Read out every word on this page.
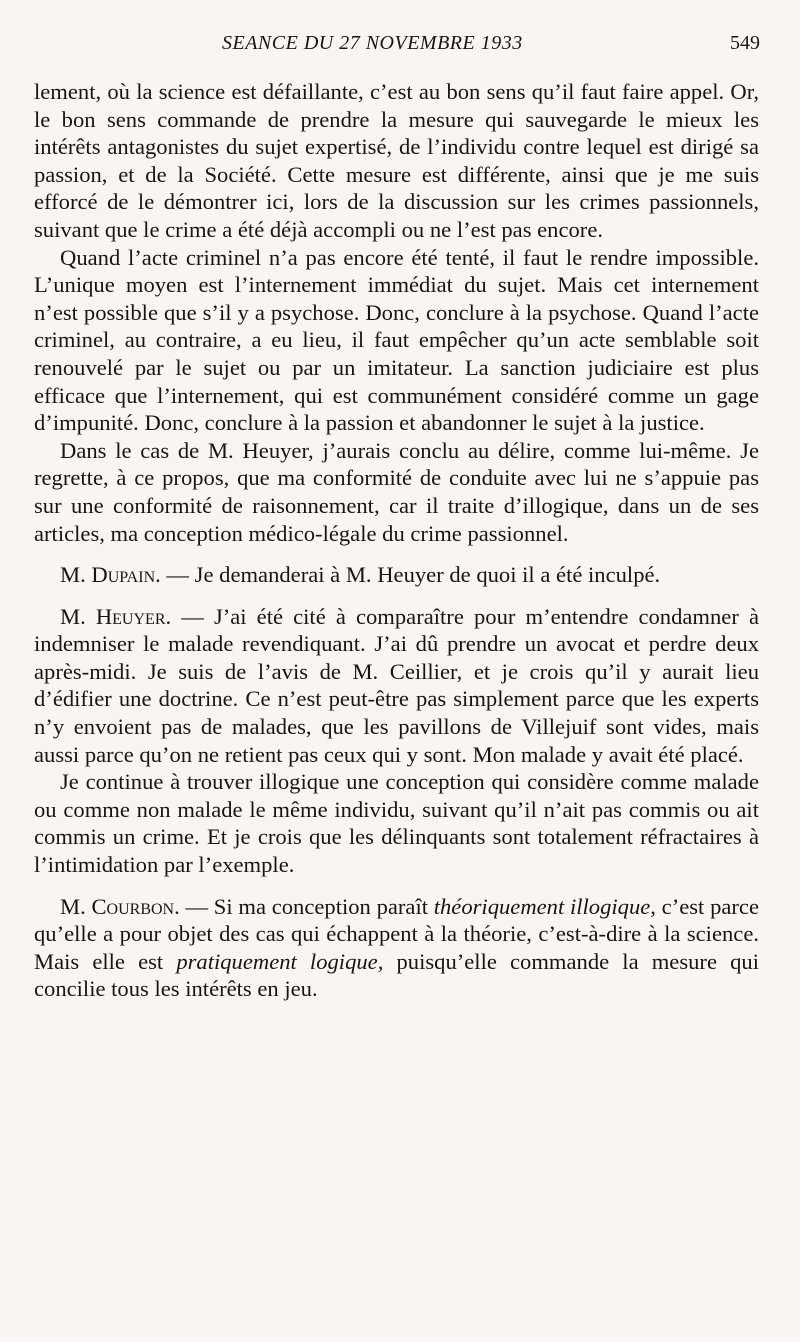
SEANCE DU 27 NOVEMBRE 1933	549

lement, où la science est défaillante, c’est au bon sens qu’il faut faire appel. Or, le bon sens commande de prendre la mesure qui sauvegarde le mieux les intérêts antagonistes du sujet expertisé, de l’individu contre lequel est dirigé sa passion, et de la Société. Cette mesure est différente, ainsi que je me suis efforcé de le démontrer ici, lors de la discussion sur les crimes passionnels, suivant que le crime a été déjà accompli ou ne l’est pas encore.

Quand l’acte criminel n’a pas encore été tenté, il faut le rendre impossible. L’unique moyen est l’internement immédiat du sujet. Mais cet internement n’est possible que s’il y a psychose. Donc, conclure à la psychose. Quand l’acte criminel, au contraire, a eu lieu, il faut empêcher qu’un acte semblable soit renouvelé par le sujet ou par un imitateur. La sanction judiciaire est plus efficace que l’internement, qui est communément considéré comme un gage d’impunité. Donc, conclure à la passion et abandonner le sujet à la justice.

Dans le cas de M. Heuyer, j’aurais conclu au délire, comme lui-même. Je regrette, à ce propos, que ma conformité de conduite avec lui ne s’appuie pas sur une conformité de raisonnement, car il traite d’illogique, dans un de ses articles, ma conception médico-légale du crime passionnel.

M. Dupain. — Je demanderai à M. Heuyer de quoi il a été inculpé.

M. Heuyer. — J’ai été cité à comparaître pour m’entendre condamner à indemniser le malade revendiquant. J’ai dû prendre un avocat et perdre deux après-midi. Je suis de l’avis de M. Ceillier, et je crois qu’il y aurait lieu d’édifier une doctrine. Ce n’est peut-être pas simplement parce que les experts n’y envoient pas de malades, que les pavillons de Villejuif sont vides, mais aussi parce qu’on ne retient pas ceux qui y sont. Mon malade y avait été placé.

Je continue à trouver illogique une conception qui considère comme malade ou comme non malade le même individu, suivant qu’il n’ait pas commis ou ait commis un crime. Et je crois que les délinquants sont totalement réfractaires à l’intimidation par l’exemple.

M. Courbon. — Si ma conception paraît théoriquement illogique, c’est parce qu’elle a pour objet des cas qui échappent à la théorie, c’est-à-dire à la science. Mais elle est pratiquement logique, puisqu’elle commande la mesure qui concilie tous les intérêts en jeu.
